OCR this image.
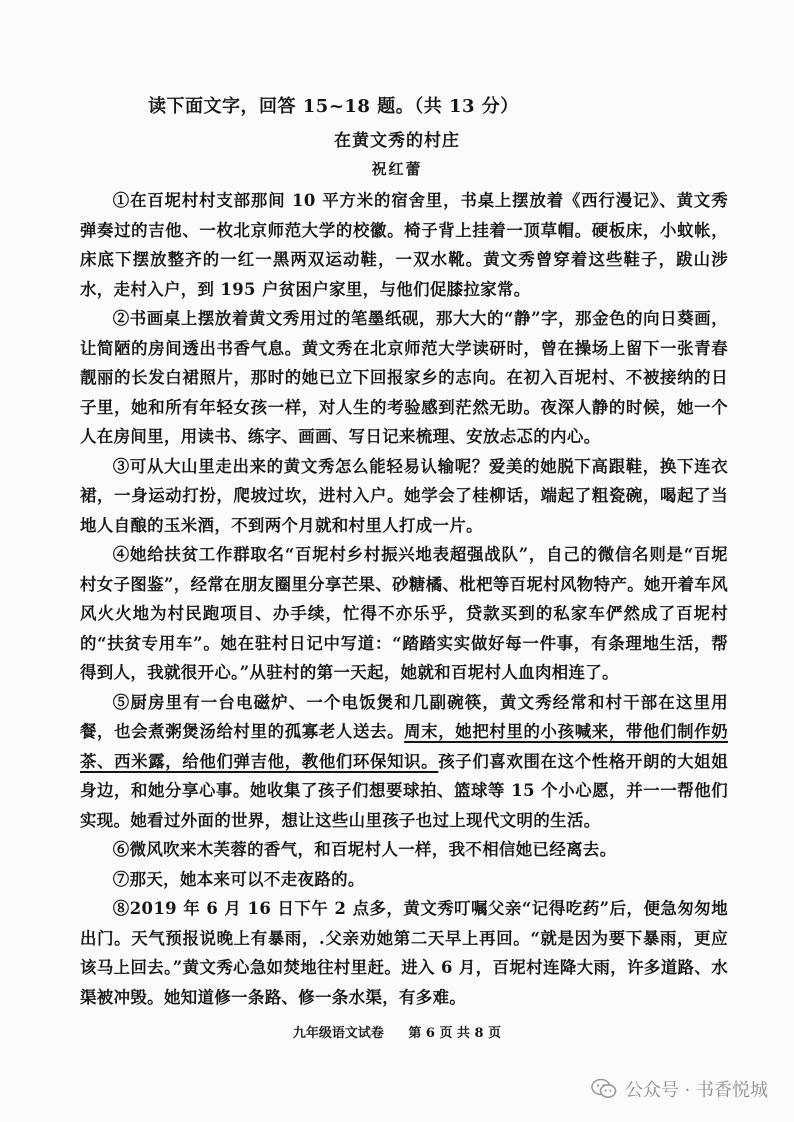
读下面文字，回答 15~18 题。（共 13 分）
在黄文秀的村庄
祝红蕾

①在百坭村村支部那间 10 平方米的宿舍里，书桌上摆放着《西行漫记》、黄文秀弹奏过的吉他、一枚北京师范大学的校徽。椅子背上挂着一顶草帽。硬板床，小蚊帐，床底下摆放整齐的一红一黑两双运动鞋，一双水靴。黄文秀曾穿着这些鞋子，跋山涉水，走村入户，到 195 户贫困户家里，与他们促膝拉家常。

②书画桌上摆放着黄文秀用过的笔墨纸砚，那大大的“静”字，那金色的向日葵画，让简陋的房间透出书香气息。黄文秀在北京师范大学读研时，曾在操场上留下一张青春靓丽的长发白裙照片，那时的她已立下回报家乡的志向。在初入百坭村、不被接纳的日子里，她和所有年轻女孩一样，对人生的考验感到茫然无助。夜深人静的时候，她一个人在房间里，用读书、练字、画画、写日记来梳理、安放忐忑的内心。

③可从大山里走出来的黄文秀怎么能轻易认输呢？爱美的她脱下高跟鞋，换下连衣裙，一身运动打扮，爬坡过坎，进村入户。她学会了桂柳话，端起了粗瓷碗，喝起了当地人自酿的玉米酒，不到两个月就和村里人打成一片。

④她给扶贫工作群取名“百坭村乡村振兴地表超强战队”，自己的微信名则是“百坭村女子图鉴”，经常在朋友圈里分享芒果、砂糖橘、枇杷等百坭村风物特产。她开着车风风火火地为村民跑项目、办手续，忙得不亦乐乎，贷款买到的私家车俨然成了百坭村的“扶贫专用车”。她在驻村日记中写道：“踏踏实实做好每一件事，有条理地生活，帮得到人，我就很开心。”从驻村的第一天起，她就和百坭村人血肉相连了。

⑤厨房里有一台电磁炉、一个电饭煲和几副碗筷，黄文秀经常和村干部在这里用餐，也会煮粥煲汤给村里的孤寡老人送去。周末，她把村里的小孩喊来，带他们制作奶茶、西米露，给他们弹吉他，教他们环保知识。孩子们喜欢围在这个性格开朗的大姐姐身边，和她分享心事。她收集了孩子们想要球拍、篮球等 15 个小心愿，并一一帮他们实现。她看过外面的世界，想让这些山里孩子也过上现代文明的生活。

⑥微风吹来木芙蓉的香气，和百坭村人一样，我不相信她已经离去。

⑦那天，她本来可以不走夜路的。

⑧2019 年 6 月 16 日下午 2 点多，黄文秀叮嘱父亲“记得吃药”后，便急匆匆地出门。天气预报说晚上有暴雨，.父亲劝她第二天早上再回。“就是因为要下暴雨，更应该马上回去。”黄文秀心急如焚地往村里赶。进入 6 月，百坭村连降大雨，许多道路、水渠被冲毁。她知道修一条路、修一条水渠，有多难。

九年级语文试卷 第 6 页 共 8 页
公众号 · 书香悦城
